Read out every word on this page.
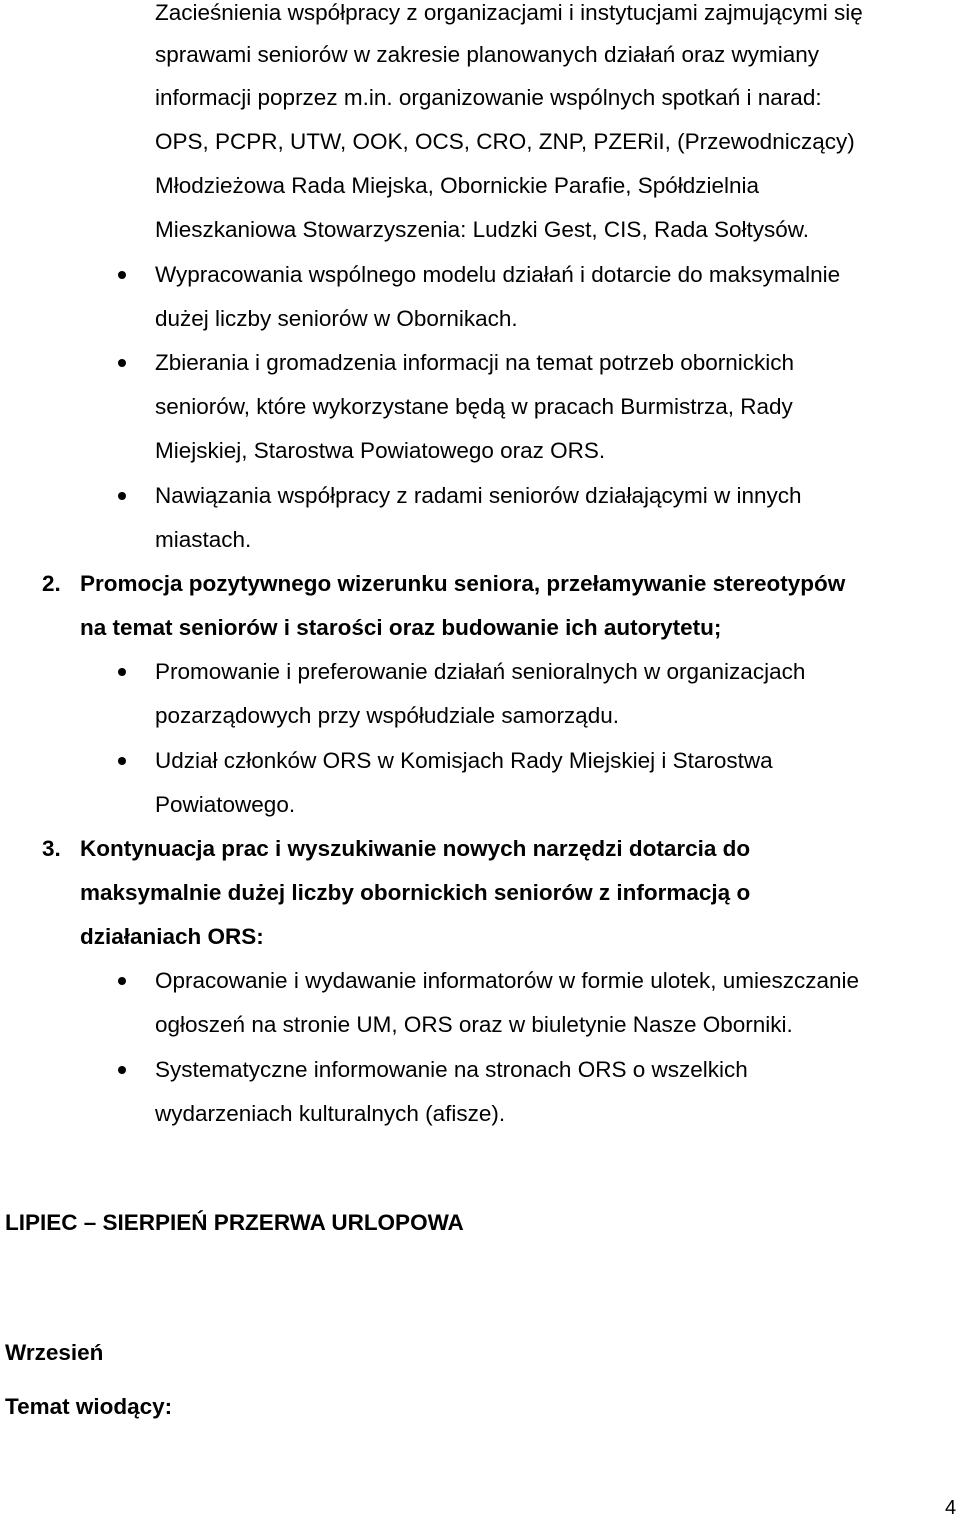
Zacieśnienia współpracy z organizacjami i instytucjami zajmującymi się
sprawami seniorów w zakresie planowanych działań oraz wymiany
informacji poprzez m.in. organizowanie wspólnych spotkań i narad:
OPS, PCPR, UTW, OOK, OCS, CRO, ZNP, PZERiI, (Przewodniczący)
Młodzieżowa Rada Miejska, Obornickie Parafie, Spółdzielnia
Mieszkaniowa Stowarzyszenia: Ludzki Gest, CIS, Rada Sołtysów.
Wypracowania wspólnego modelu działań i dotarcie do maksymalnie
dużej liczby seniorów w Obornikach.
Zbierania i gromadzenia informacji na temat potrzeb obornickich
seniorów, które wykorzystane będą w pracach Burmistrza, Rady
Miejskiej, Starostwa Powiatowego oraz ORS.
Nawiązania współpracy z radami seniorów działającymi w innych
miastach.
2. Promocja pozytywnego wizerunku seniora, przełamywanie stereotypów
na temat seniorów i starości oraz budowanie ich autorytetu;
Promowanie i preferowanie działań senioralnych w organizacjach
pozarządowych przy współudziale samorządu.
Udział członków ORS w Komisjach Rady Miejskiej i Starostwa
Powiatowego.
3. Kontynuacja prac i wyszukiwanie nowych narzędzi dotarcia do
maksymalnie dużej liczby obornickich seniorów z informacją o
działaniach ORS:
Opracowanie i wydawanie informatorów w formie ulotek, umieszczanie
ogłoszeń na stronie UM, ORS oraz w biuletynie Nasze Oborniki.
Systematyczne informowanie na stronach ORS o wszelkich
wydarzeniach kulturalnych (afisze).
LIPIEC – SIERPIEŃ PRZERWA URLOPOWA
Wrzesień
Temat wiodący:
4
